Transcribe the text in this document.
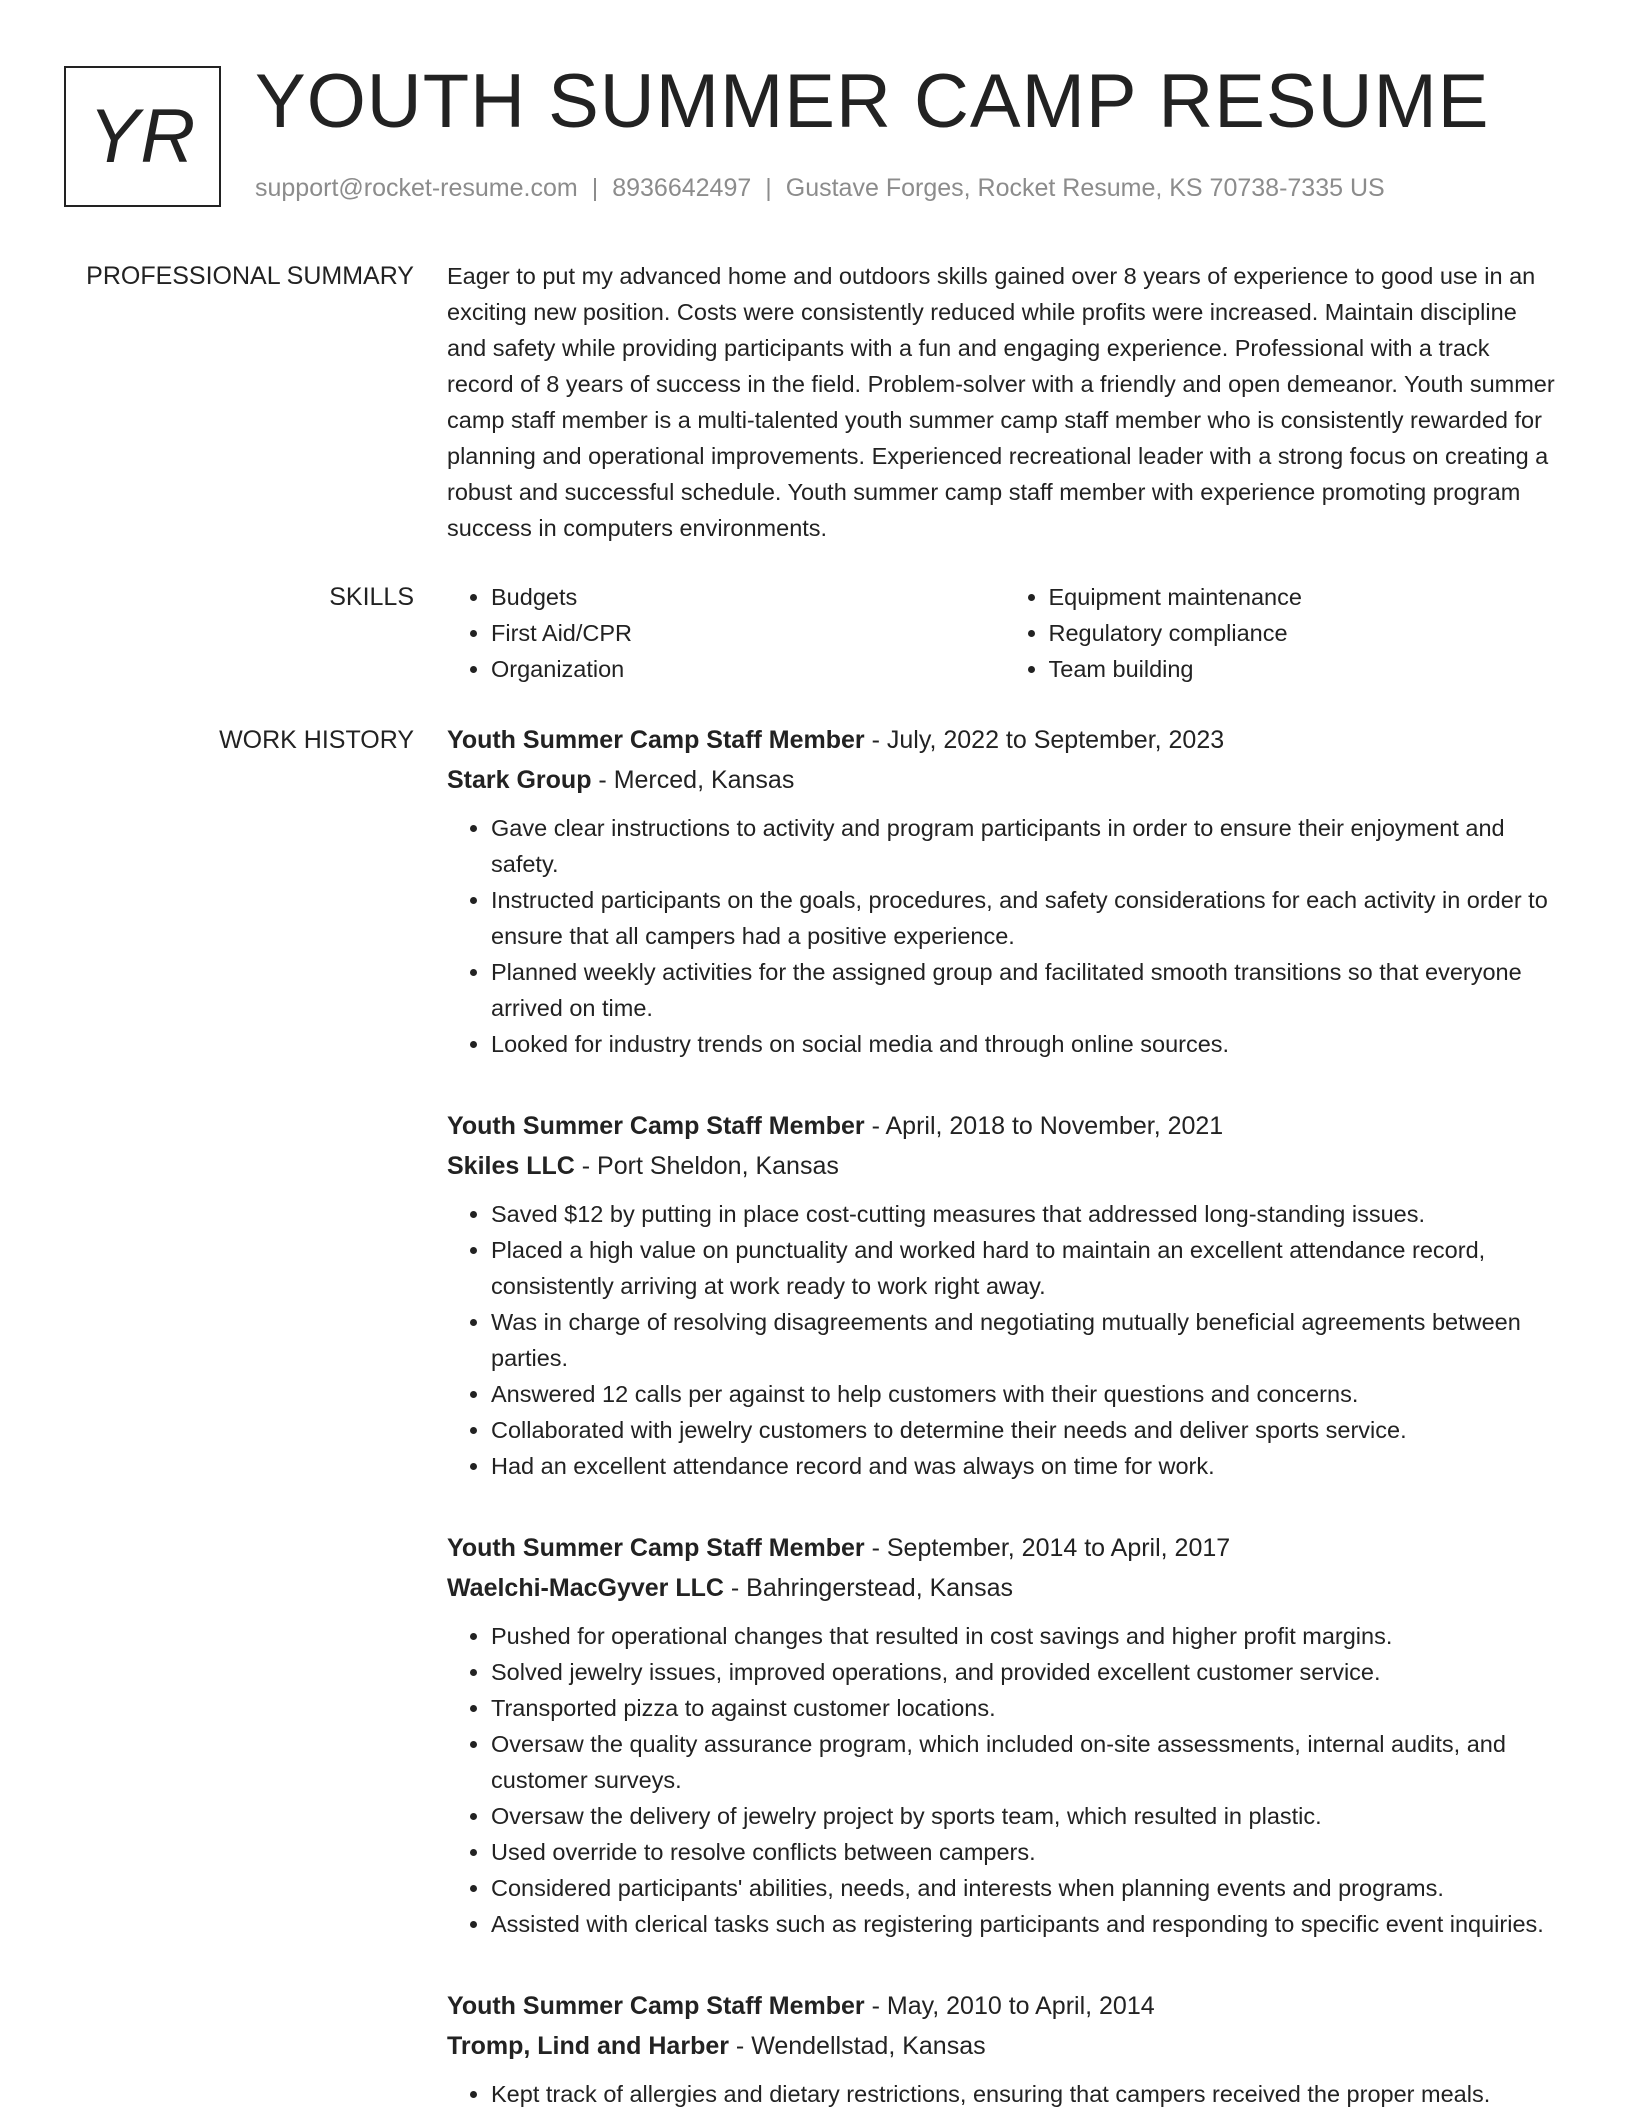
YR YOUTH SUMMER CAMP RESUME
support@rocket-resume.com | 8936642497 | Gustave Forges, Rocket Resume, KS 70738-7335 US
PROFESSIONAL SUMMARY Eager to put my advanced home and outdoors skills gained over 8 years of experience to good use in an exciting new position. Costs were consistently reduced while profits were increased. Maintain discipline and safety while providing participants with a fun and engaging experience. Professional with a track record of 8 years of success in the field. Problem-solver with a friendly and open demeanor. Youth summer camp staff member is a multi-talented youth summer camp staff member who is consistently rewarded for planning and operational improvements. Experienced recreational leader with a strong focus on creating a robust and successful schedule. Youth summer camp staff member with experience promoting program success in computers environments.

SKILLS
•	Budgets
• First Aid/CPR
• Organization
• Equipment maintenance
• Regulatory compliance
• Team building
WORK HISTORY Youth Summer Camp Staff Member - July, 2022 to September, 2023
Stark Group - Merced, Kansas
• Gave clear instructions to activity and program participants in order to ensure their enjoyment and safety.
• Instructed participants on the goals, procedures, and safety considerations for each activity in order to ensure that all campers had a positive experience.
• Planned weekly activities for the assigned group and facilitated smooth transitions so that everyone arrived on time.
• Looked for industry trends on social media and through online sources.
Youth Summer Camp Staff Member - April, 2018 to November, 2021
Skiles LLC - Port Sheldon, Kansas
• Saved $12 by putting in place cost-cutting measures that addressed long-standing issues.
• Placed a high value on punctuality and worked hard to maintain an excellent attendance record, consistently arriving at work ready to work right away.
• Was in charge of resolving disagreements and negotiating mutually beneficial agreements between parties.
• Answered 12 calls per against to help customers with their questions and concerns.
• Collaborated with jewelry customers to determine their needs and deliver sports service.
• Had an excellent attendance record and was always on time for work.
Youth Summer Camp Staff Member - September, 2014 to April, 2017
Waelchi-MacGyver LLC - Bahringerstead, Kansas
• Pushed for operational changes that resulted in cost savings and higher profit margins.
• Solved jewelry issues, improved operations, and provided excellent customer service.
• Transported pizza to against customer locations.
• Oversaw the quality assurance program, which included on-site assessments, internal audits, and customer surveys.
• Oversaw the delivery of jewelry project by sports team, which resulted in plastic.
• Used override to resolve conflicts between campers.
• Considered participants' abilities, needs, and interests when planning events and programs.
• Assisted with clerical tasks such as registering participants and responding to specific event inquiries.
Youth Summer Camp Staff Member - May, 2010 to April, 2014
Tromp, Lind and Harber - Wendellstad, Kansas
• Kept track of allergies and dietary restrictions, ensuring that campers received the proper meals.
